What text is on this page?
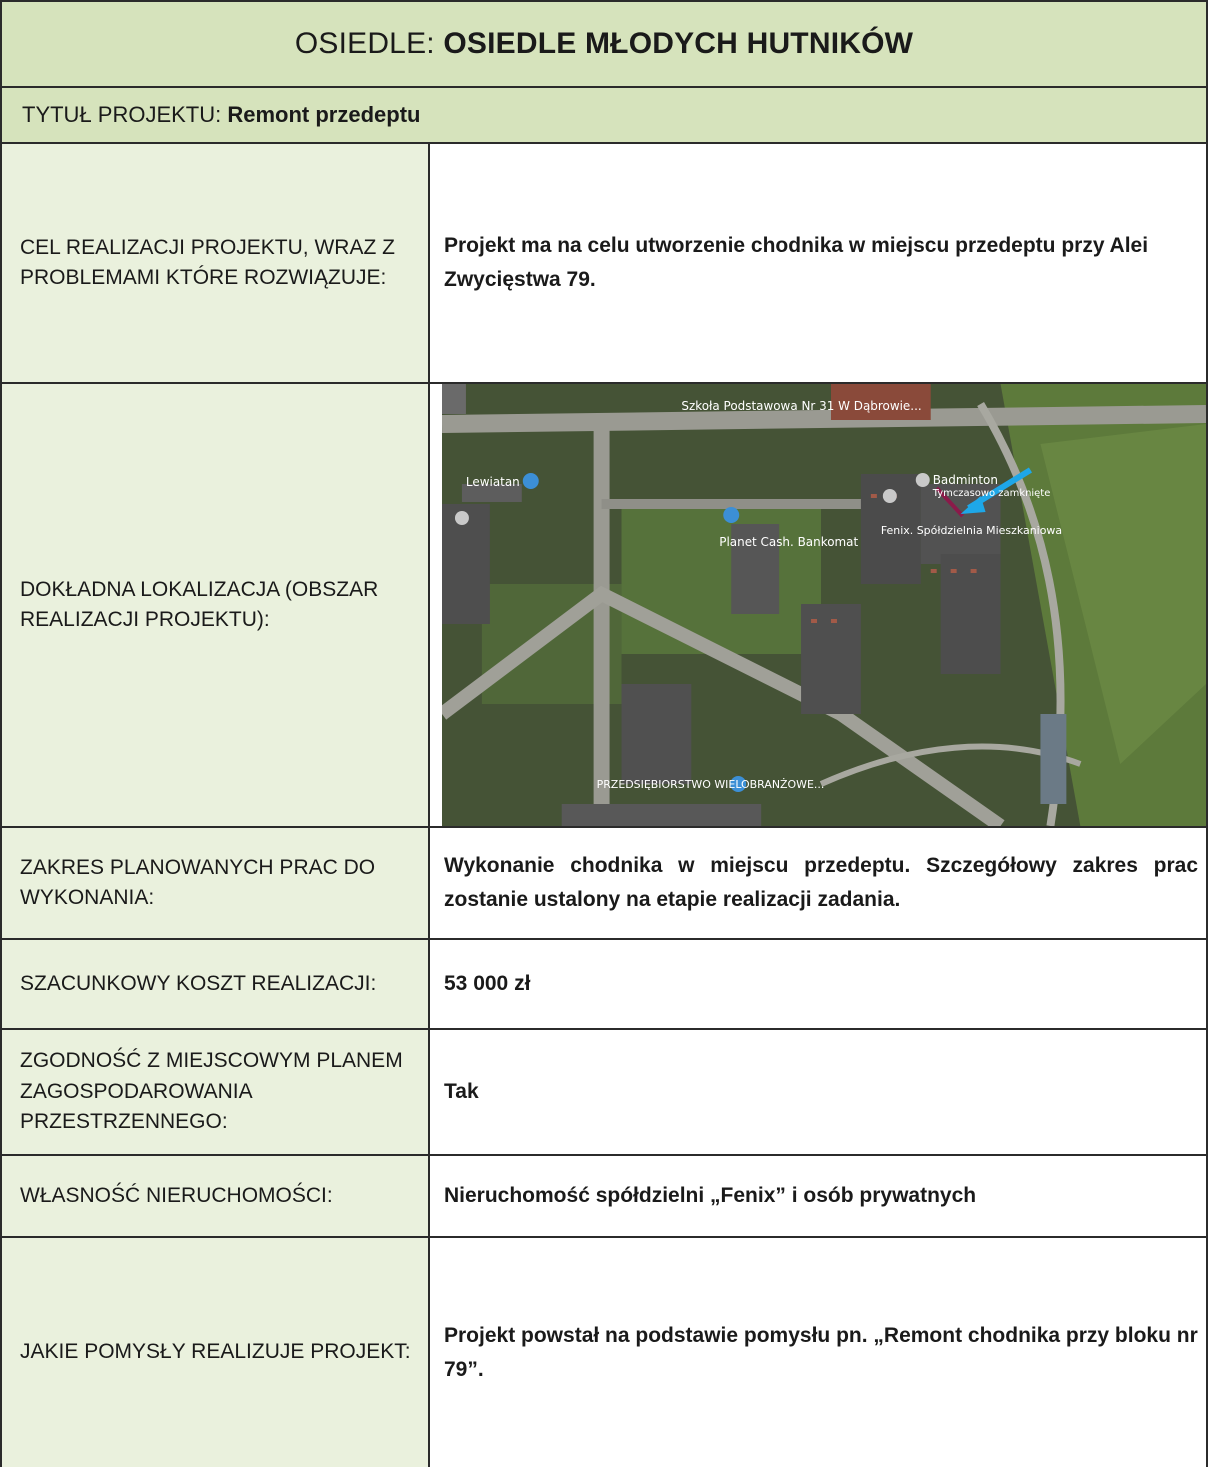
OSIEDLE: OSIEDLE MŁODYCH HUTNIKÓW
TYTUŁ PROJEKTU: Remont przedeptu
CEL REALIZACJI PROJEKTU, WRAZ Z PROBLEMAMI KTÓRE ROZWIĄZUJE:
Projekt ma na celu utworzenie chodnika w miejscu przedeptu przy Alei Zwycięstwa 79.
DOKŁADNA LOKALIZACJA (OBSZAR REALIZACJI PROJEKTU):
Szkoła Podstawowa Nr 31 W Dąbrowie...
Badminton
Tymczasowo zamknięte
Lewiatan
Planet Cash. Bankomat
Fenix. Spółdzielnia Mieszkaniowa
PRZEDSIĘBIORSTWO WIELOBRANŻOWE...
ZAKRES PLANOWANYCH PRAC DO WYKONANIA:
Wykonanie chodnika w miejscu przedeptu. Szczegółowy zakres prac zostanie ustalony na etapie realizacji zadania.
SZACUNKOWY KOSZT REALIZACJI:	53 000 zł
ZGODNOŚĆ Z MIEJSCOWYM PLANEM ZAGOSPODAROWANIA PRZESTRZENNEGO:
Tak
WŁASNOŚĆ NIERUCHOMOŚCI:	Nieruchomość spółdzielni „Fenix” i osób prywatnych
JAKIE POMYSŁY REALIZUJE PROJEKT:
Projekt powstał na podstawie pomysłu pn. „Remont chodnika przy bloku nr 79”.
